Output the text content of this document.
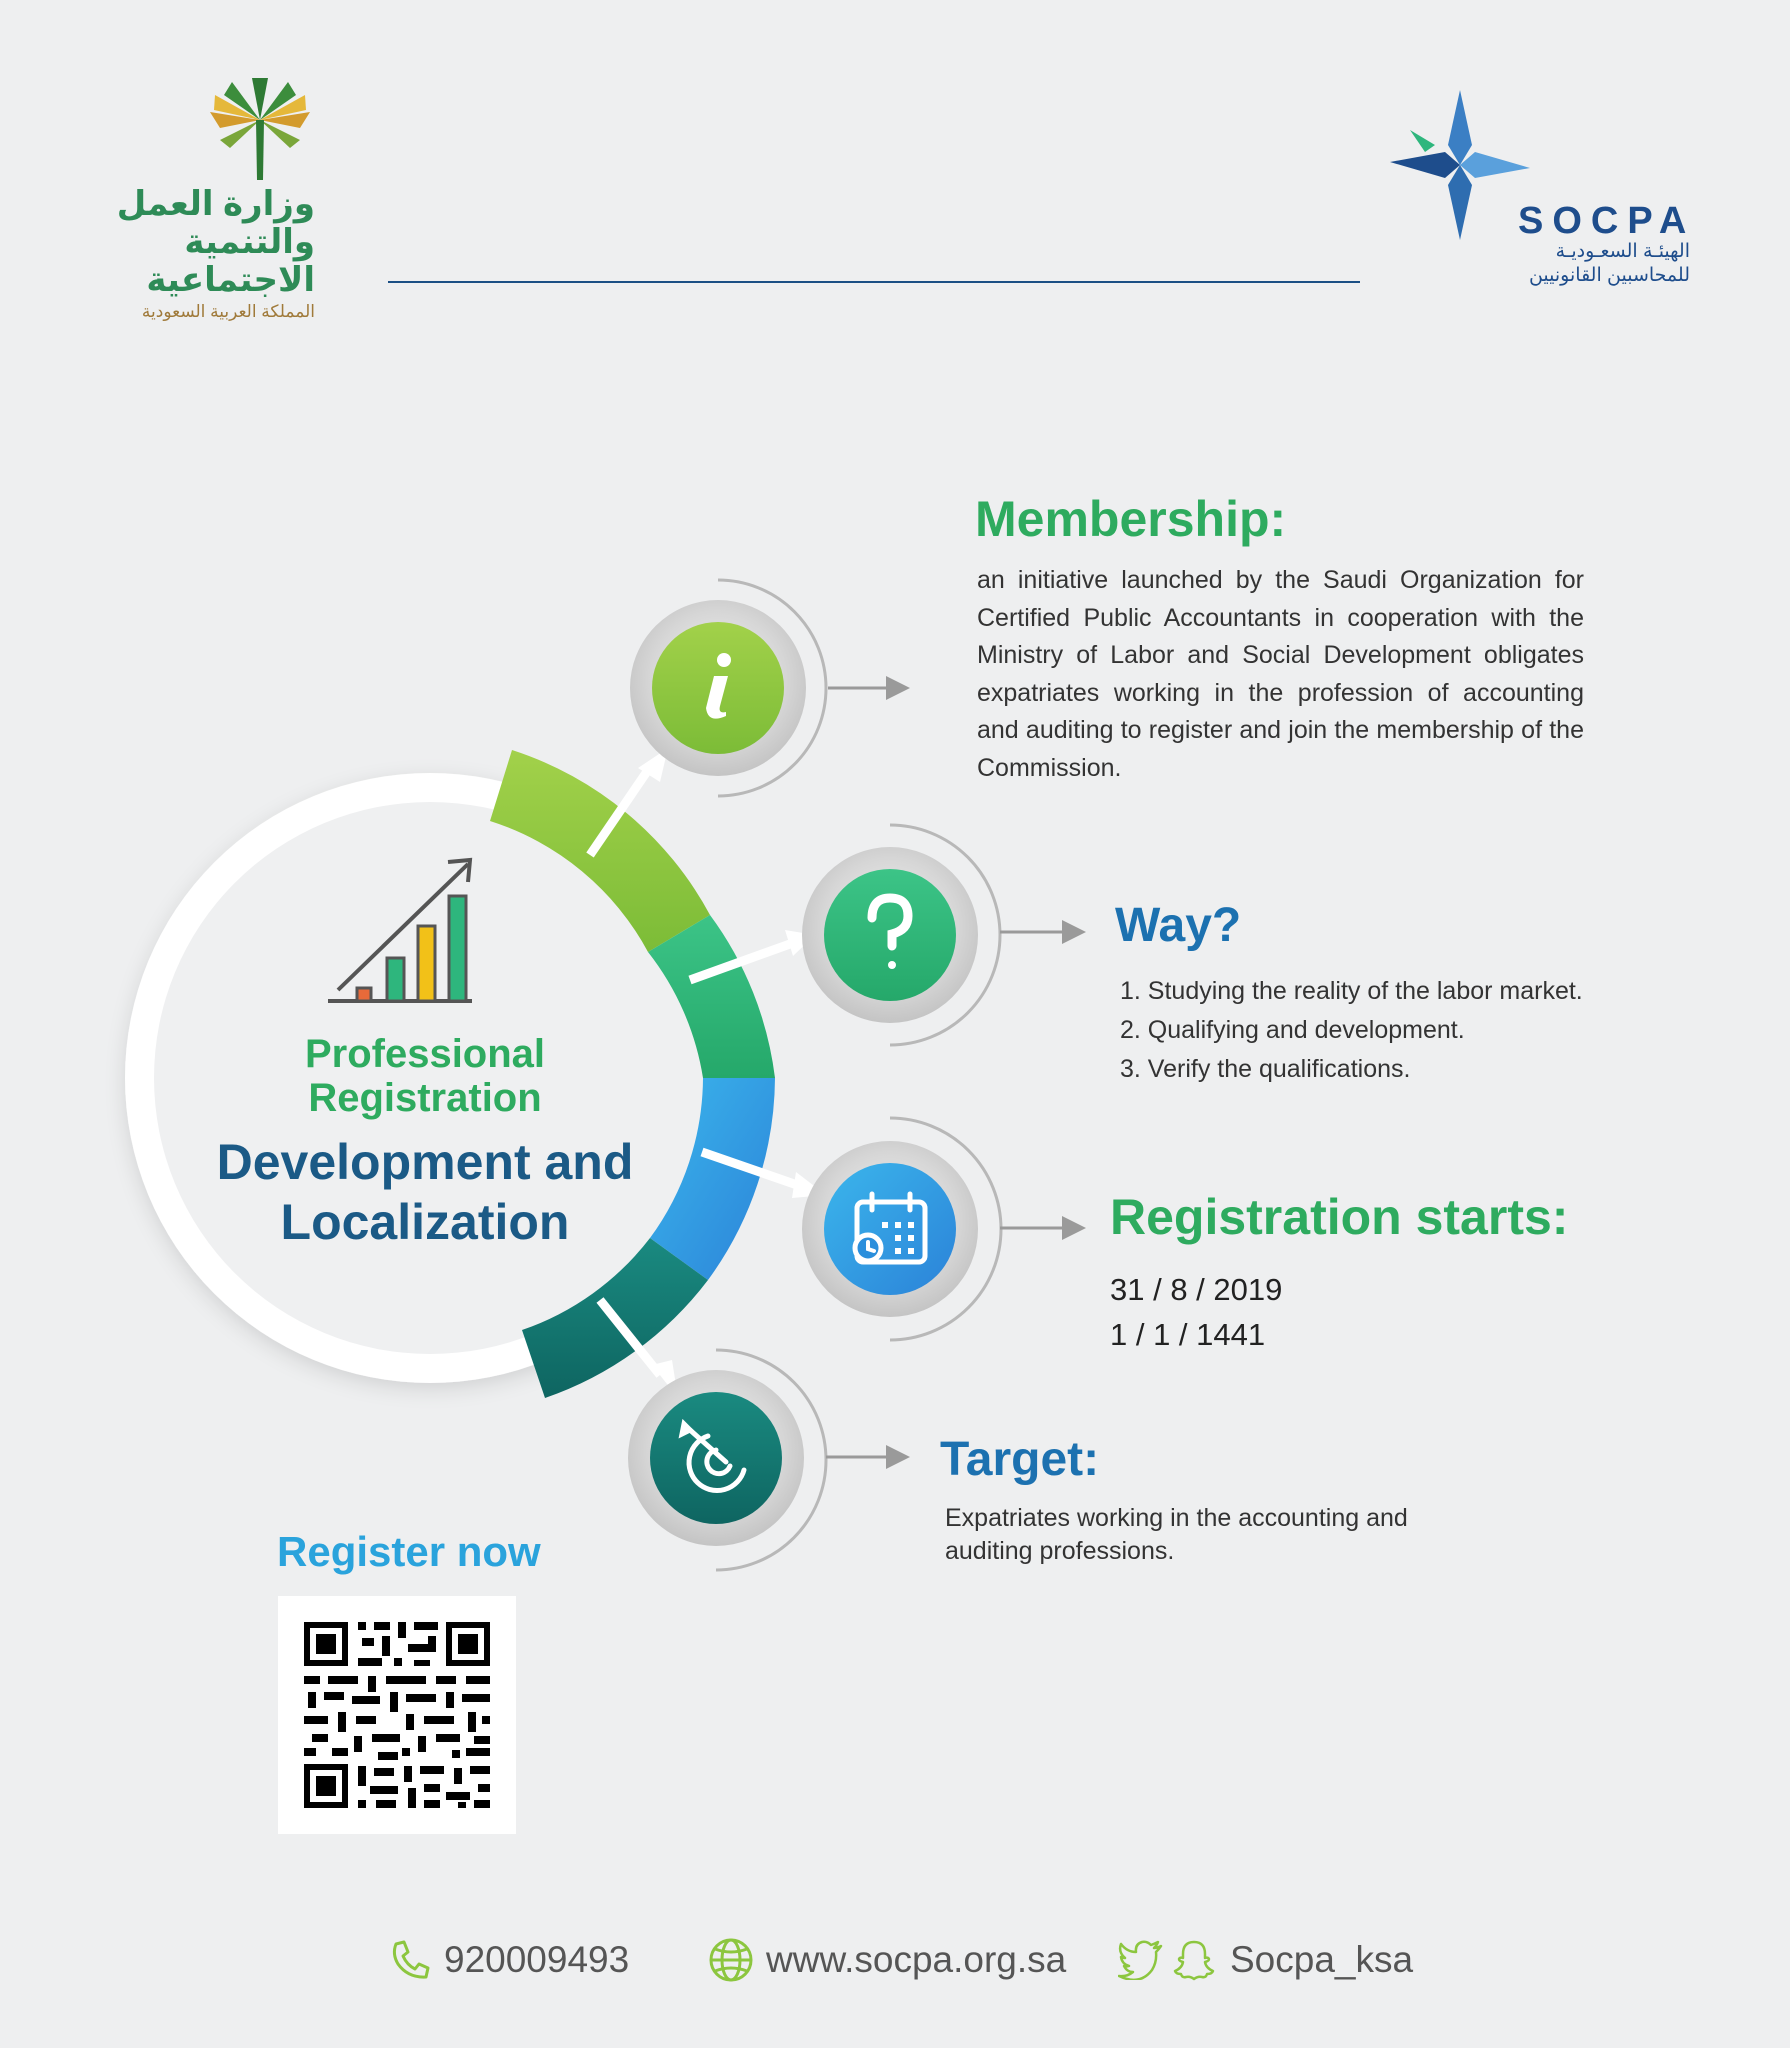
وزارة العمل
والتنمية الاجتماعية
المملكة العربية السعودية
SOCPA
الهيئـة السعـوديـة
للمحاسبين القانونيين
Professional
Registration
Development and
Localization
Membership:
an initiative launched by the Saudi Organization for Certified Public Accountants in cooperation with the Ministry of Labor and Social Development obligates expatriates working in the profession of accounting and auditing to register and join the membership of the Commission.
Way?
1. Studying the reality of the labor market.
2. Qualifying and development.
3. Verify the qualifications.
Registration starts:
31 / 8 / 2019
1 / 1 / 1441
Target:
Expatriates working in the accounting and
auditing professions.
Register now
920009493	www.socpa.org.sa	Socpa_ksa
